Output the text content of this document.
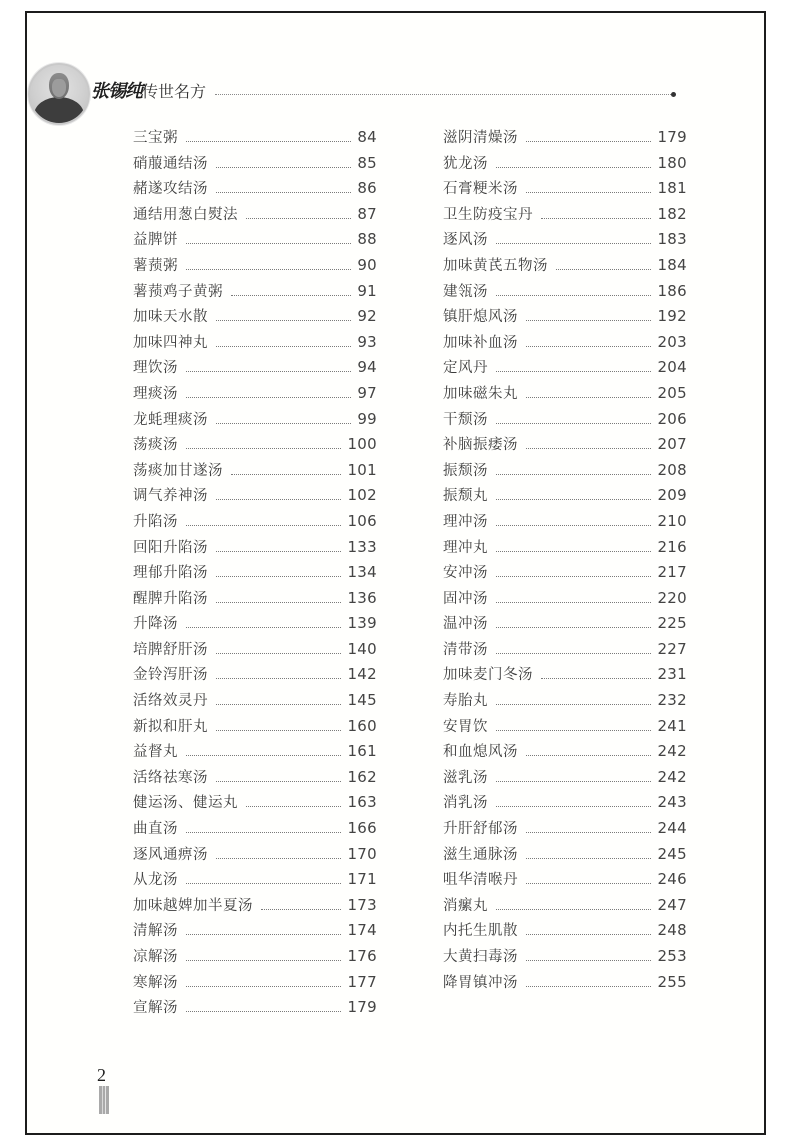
张锡纯传世名方
三宝粥	84
硝菔通结汤	85
赭遂攻结汤	86
通结用葱白熨法	87
益脾饼	88
薯蓣粥	90
薯蓣鸡子黄粥	91
加味天水散	92
加味四神丸	93
理饮汤	94
理痰汤	97
龙蚝理痰汤	99
荡痰汤	100
荡痰加甘遂汤	101
调气养神汤	102
升陷汤	106
回阳升陷汤	133
理郁升陷汤	134
醒脾升陷汤	136
升降汤	139
培脾舒肝汤	140
金铃泻肝汤	142
活络效灵丹	145
新拟和肝丸	160
益督丸	161
活络祛寒汤	162
健运汤、健运丸	163
曲直汤	166
逐风通痹汤	170
从龙汤	171
加味越婢加半夏汤	173
清解汤	174
凉解汤	176
寒解汤	177
宣解汤	179
滋阴清燥汤	179
犹龙汤	180
石膏粳米汤	181
卫生防疫宝丹	182
逐风汤	183
加味黄芪五物汤	184
建瓴汤	186
镇肝熄风汤	192
加味补血汤	203
定风丹	204
加味磁朱丸	205
干颓汤	206
补脑振痿汤	207
振颓汤	208
振颓丸	209
理冲汤	210
理冲丸	216
安冲汤	217
固冲汤	220
温冲汤	225
清带汤	227
加味麦门冬汤	231
寿胎丸	232
安胃饮	241
和血熄风汤	242
滋乳汤	242
消乳汤	243
升肝舒郁汤	244
滋生通脉汤	245
咀华清喉丹	246
消瘰丸	247
内托生肌散	248
大黄扫毒汤	253
降胃镇冲汤	255
2
